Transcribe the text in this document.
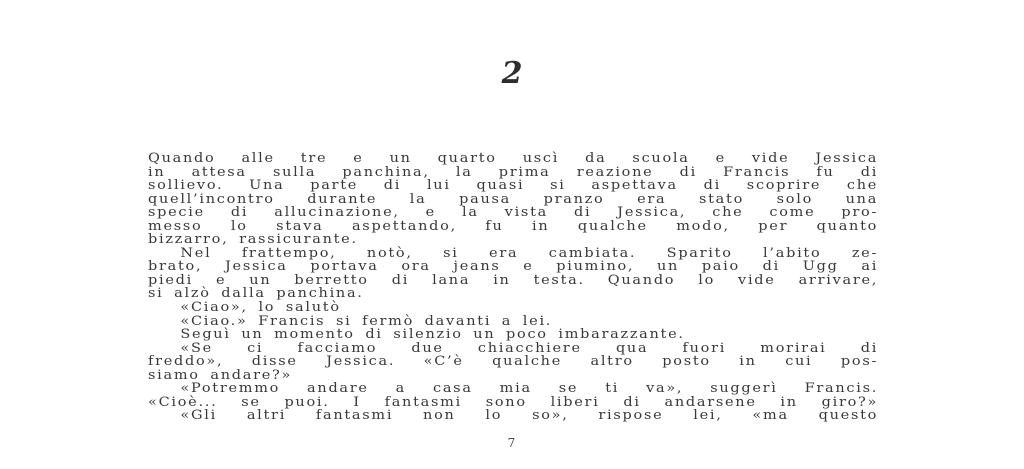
2
Quando alle tre e un quarto uscì da scuola e vide Jessica
in attesa sulla panchina, la prima reazione di Francis fu di
sollievo. Una parte di lui quasi si aspettava di scoprire che
quell’incontro durante la pausa pranzo era stato solo una
specie di allucinazione, e la vista di Jessica, che come pro-
messo lo stava aspettando, fu in qualche modo, per quanto
bizzarro, rassicurante.
Nel frattempo, notò, si era cambiata. Sparito l’abito ze-
brato, Jessica portava ora jeans e piumino, un paio di Ugg ai
piedi e un berretto di lana in testa. Quando lo vide arrivare,
si alzò dalla panchina.
«Ciao», lo salutò
«Ciao.» Francis si fermò davanti a lei.
Seguì un momento di silenzio un poco imbarazzante.
«Se ci facciamo due chiacchiere qua fuori morirai di
freddo», disse Jessica. «C’è qualche altro posto in cui pos-
siamo andare?»
«Potremmo andare a casa mia se ti va», suggerì Francis.
«Cioè... se puoi. I fantasmi sono liberi di andarsene in giro?»
«Gli altri fantasmi non lo so», rispose lei, «ma questo
7
